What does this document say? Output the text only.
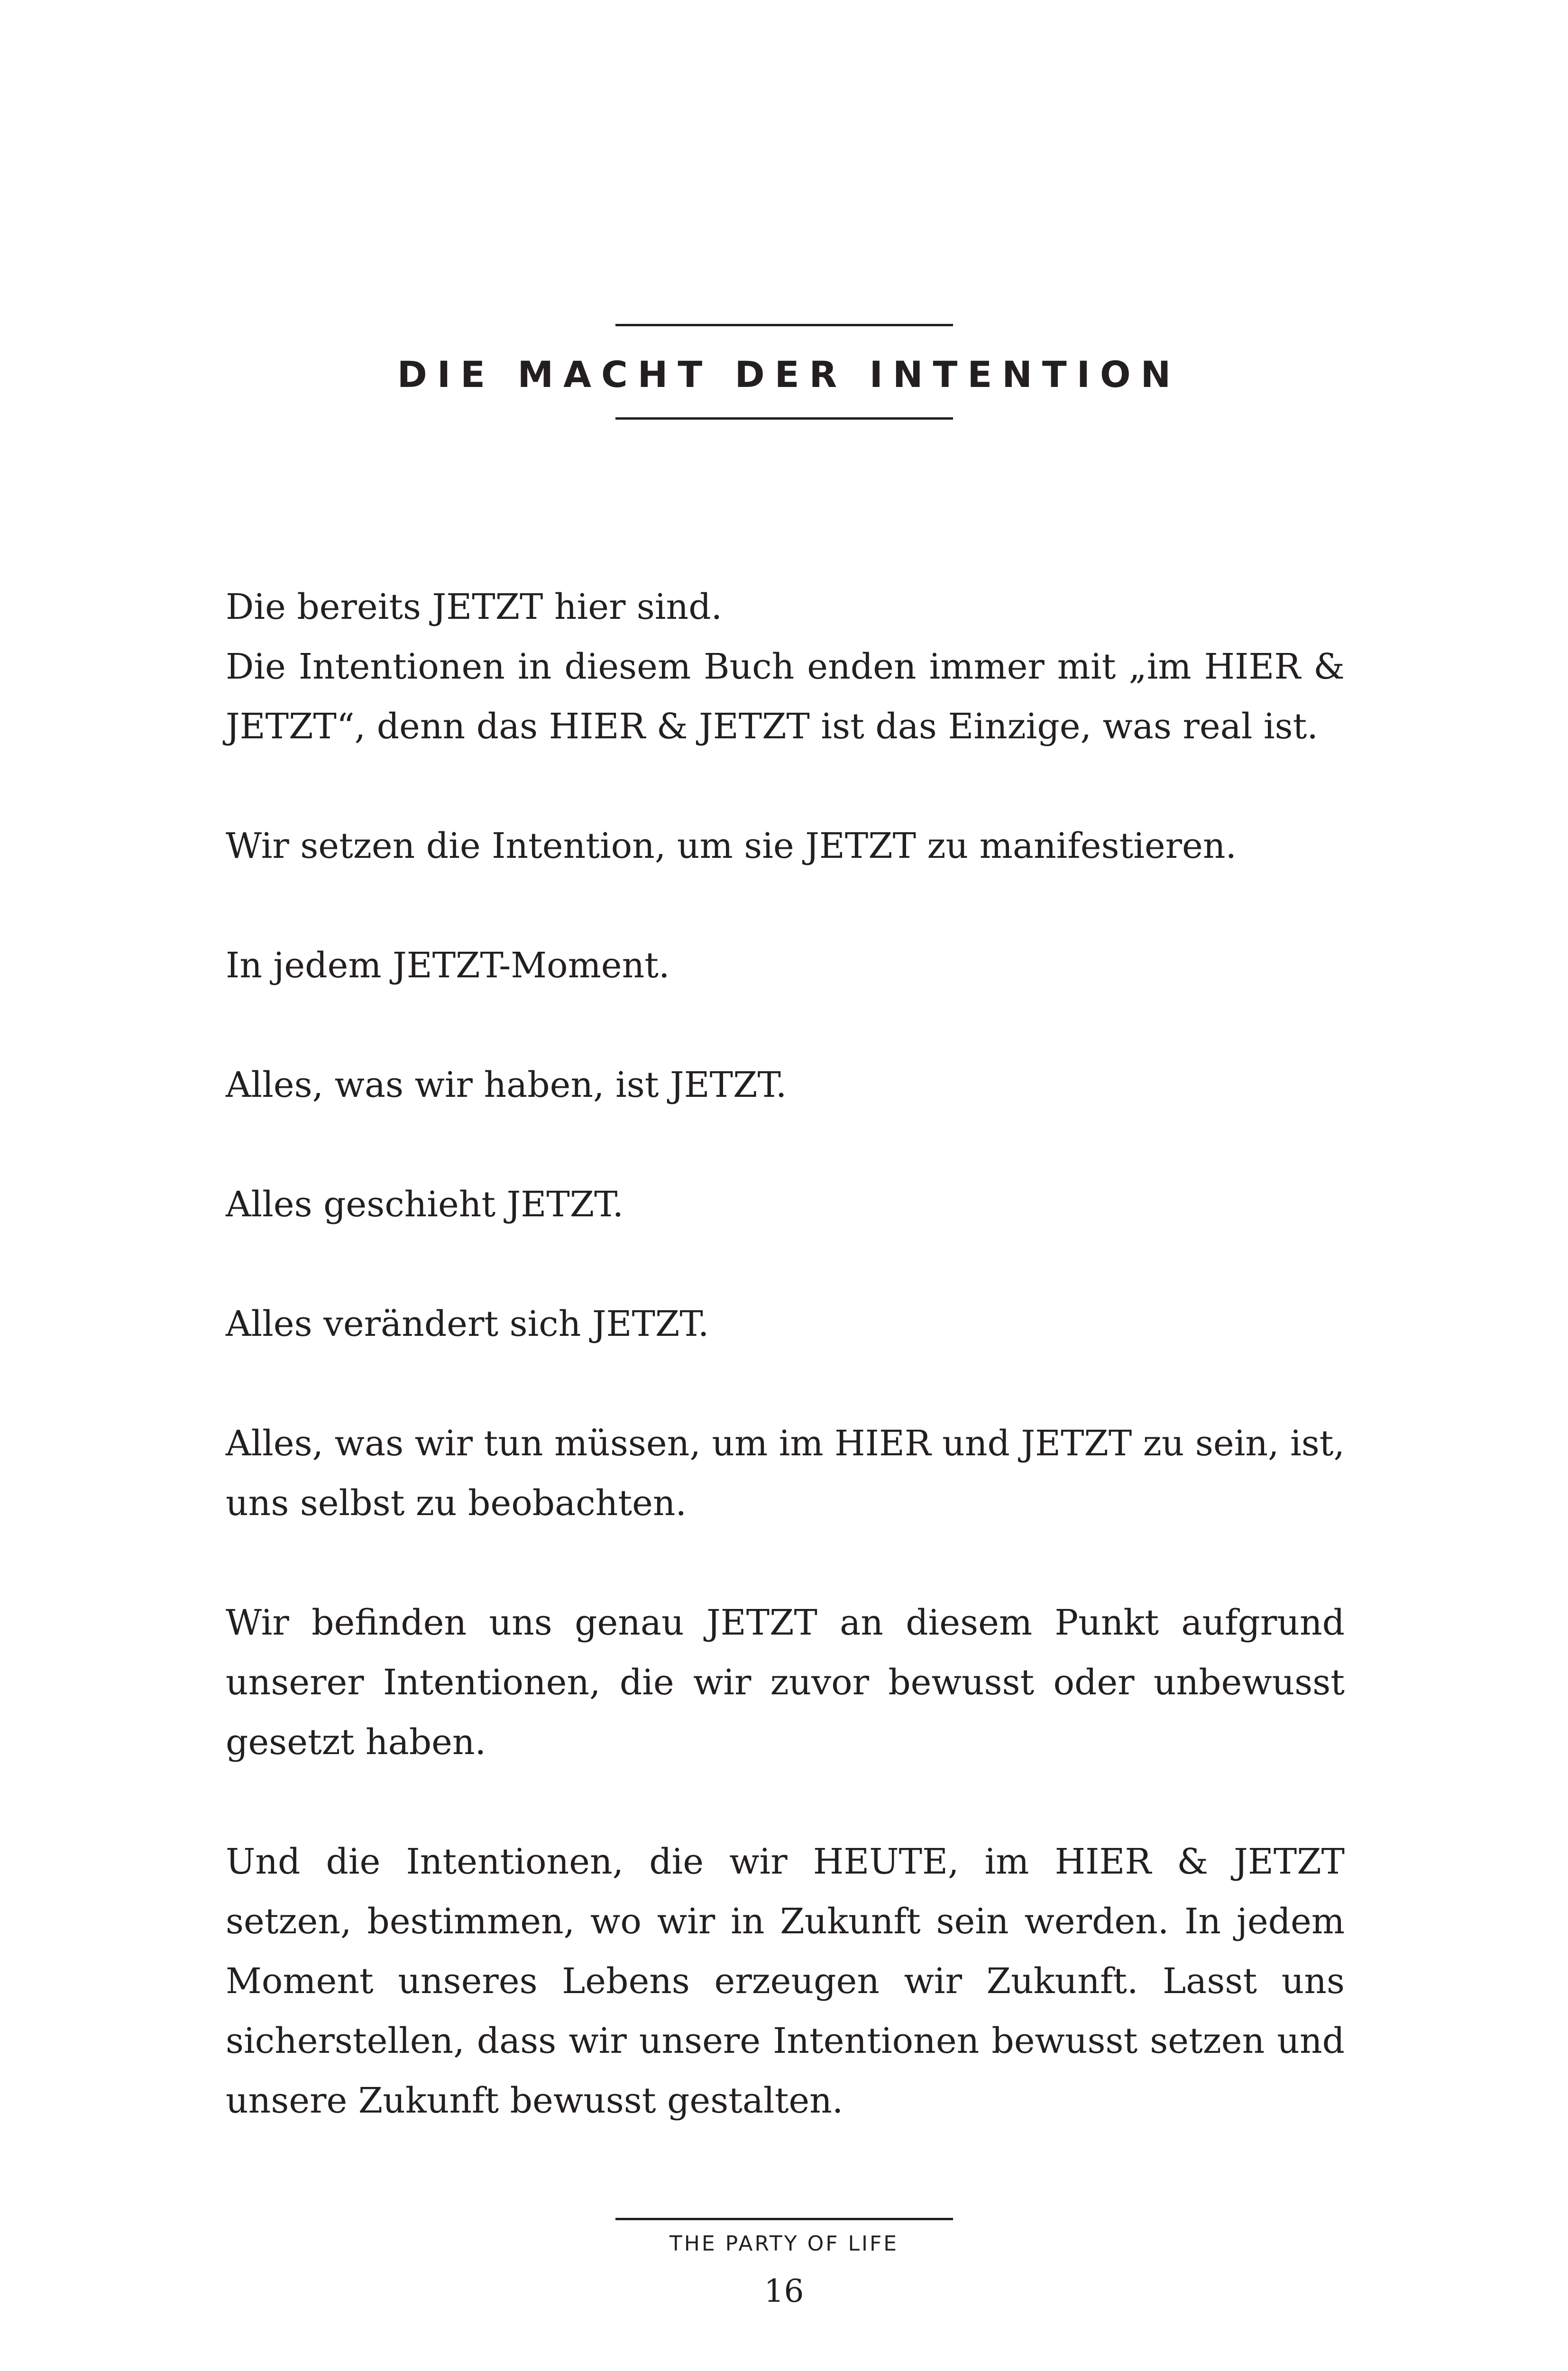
DIE MACHT DER INTENTION

Die bereits JETZT hier sind.

Die Intentionen in diesem Buch enden immer mit „im HIER & JETZT“, denn das HIER & JETZT ist das Einzige, was real ist.

Wir setzen die Intention, um sie JETZT zu manifestieren.

In jedem JETZT-Moment.

Alles, was wir haben, ist JETZT.

Alles geschieht JETZT.

Alles verändert sich JETZT.

Alles, was wir tun müssen, um im HIER und JETZT zu sein, ist, uns selbst zu beobachten.

Wir befinden uns genau JETZT an diesem Punkt aufgrund unserer Intentionen, die wir zuvor bewusst oder unbewusst gesetzt haben.

Und die Intentionen, die wir HEUTE, im HIER & JETZT setzen, bestimmen, wo wir in Zukunft sein werden. In jedem Moment unseres Lebens erzeugen wir Zukunft. Lasst uns sicherstellen, dass wir unsere Intentionen bewusst setzen und unsere Zukunft bewusst gestalten.

THE PARTY OF LIFE
16
